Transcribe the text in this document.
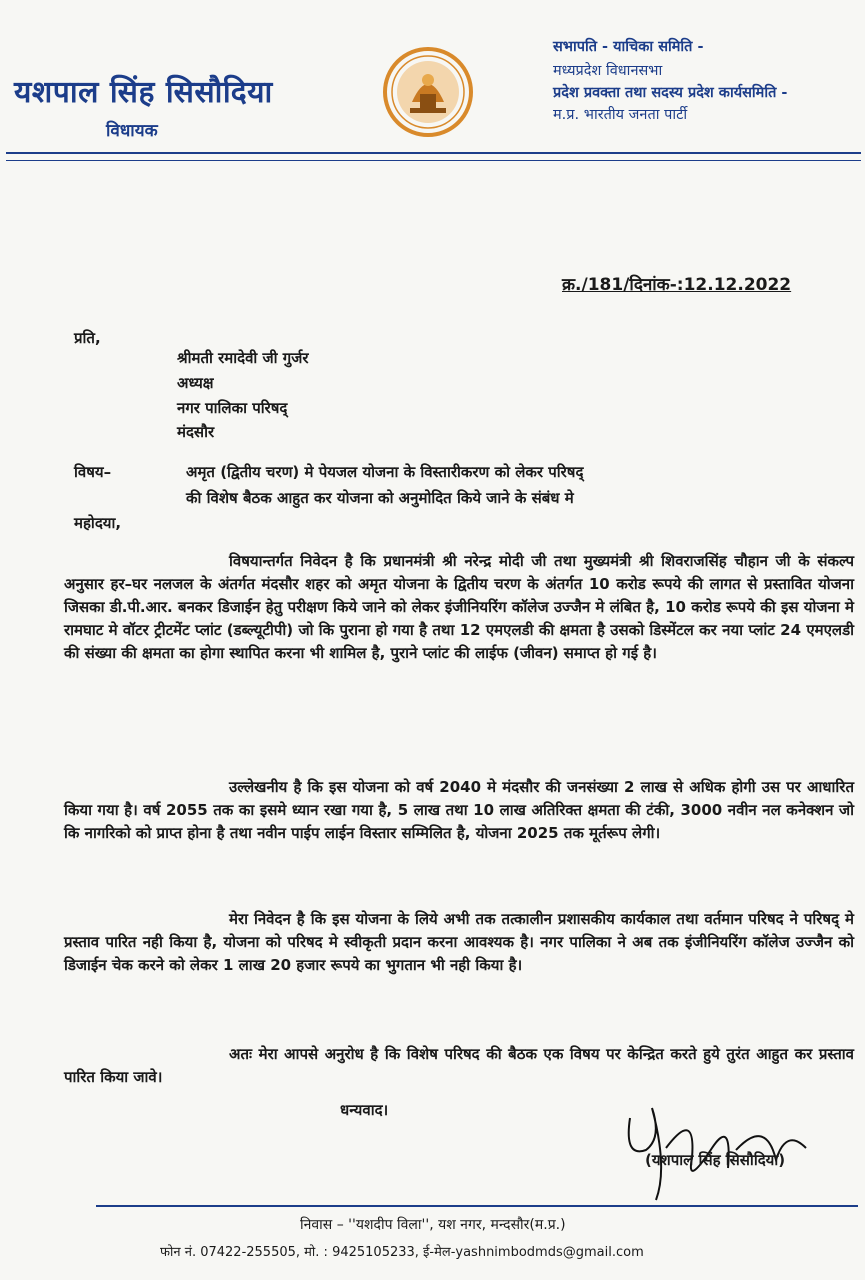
यशपाल सिंह सिसौदिया
विधायक
सभापति - याचिका समिति -
मध्यप्रदेश विधानसभा
प्रदेश प्रवक्ता तथा सदस्य प्रदेश कार्यसमिति -
म.प्र. भारतीय जनता पार्टी
क्र./181/दिनांक-:12.12.2022
प्रति,
श्रीमती रमादेवी जी गुर्जर
अध्यक्ष
नगर पालिका परिषद्
मंदसौर
विषय–	अमृत (द्वितीय चरण) मे पेयजल योजना के विस्तारीकरण को लेकर परिषद्
की विशेष बैठक आहुत कर योजना को अनुमोदित किये जाने के संबंध मे
महोदया,
विषयान्तर्गत निवेदन है कि प्रधानमंत्री श्री नरेन्द्र मोदी जी तथा मुख्यमंत्री श्री शिवराजसिंह चौहान जी के संकल्प अनुसार हर–घर नलजल के अंतर्गत मंदसौर शहर को अमृत योजना के द्वितीय चरण के अंतर्गत 10 करोड रूपये की लागत से प्रस्तावित योजना जिसका डी.पी.आर. बनकर डिजाईन हेतु परीक्षण किये जाने को लेकर इंजीनियरिंग कॉलेज उज्जैन मे लंबित है, 10 करोड रूपये की इस योजना मे रामघाट मे वॉटर ट्रीटमेंट प्लांट (डब्ल्यूटीपी) जो कि पुराना हो गया है तथा 12 एमएलडी की क्षमता है उसको डिस्मेंटल कर नया प्लांट 24 एमएलडी की संख्या की क्षमता का होगा स्थापित करना भी शामिल है, पुराने प्लांट की लाईफ (जीवन) समाप्त हो गई है।
उल्लेखनीय है कि इस योजना को वर्ष 2040 मे मंदसौर की जनसंख्या 2 लाख से अधिक होगी उस पर आधारित किया गया है। वर्ष 2055 तक का इसमे ध्यान रखा गया है, 5 लाख तथा 10 लाख अतिरिक्त क्षमता की टंकी, 3000 नवीन नल कनेक्शन जो कि नागरिको को प्राप्त होना है तथा नवीन पाईप लाईन विस्तार सम्मिलित है, योजना 2025 तक मूर्तरूप लेगी।
मेरा निवेदन है कि इस योजना के लिये अभी तक तत्कालीन प्रशासकीय कार्यकाल तथा वर्तमान परिषद ने परिषद् मे प्रस्ताव पारित नही किया है, योजना को परिषद मे स्वीकृती प्रदान करना आवश्यक है। नगर पालिका ने अब तक इंजीनियरिंग कॉलेज उज्जैन को डिजाईन चेक करने को लेकर 1 लाख 20 हजार रूपये का भुगतान भी नही किया है।
अतः मेरा आपसे अनुरोध है कि विशेष परिषद की बैठक एक विषय पर केन्द्रित करते हुये तुरंत आहुत कर प्रस्ताव पारित किया जावे।
धन्यवाद।
(यशपाल सिंह सिसौदिया)
निवास – ''यशदीप विला'', यश नगर, मन्दसौर(म.प्र.)
फोन नं. 07422-255505, मो. : 9425105233, ई-मेल-yashnimbodmds@gmail.com
